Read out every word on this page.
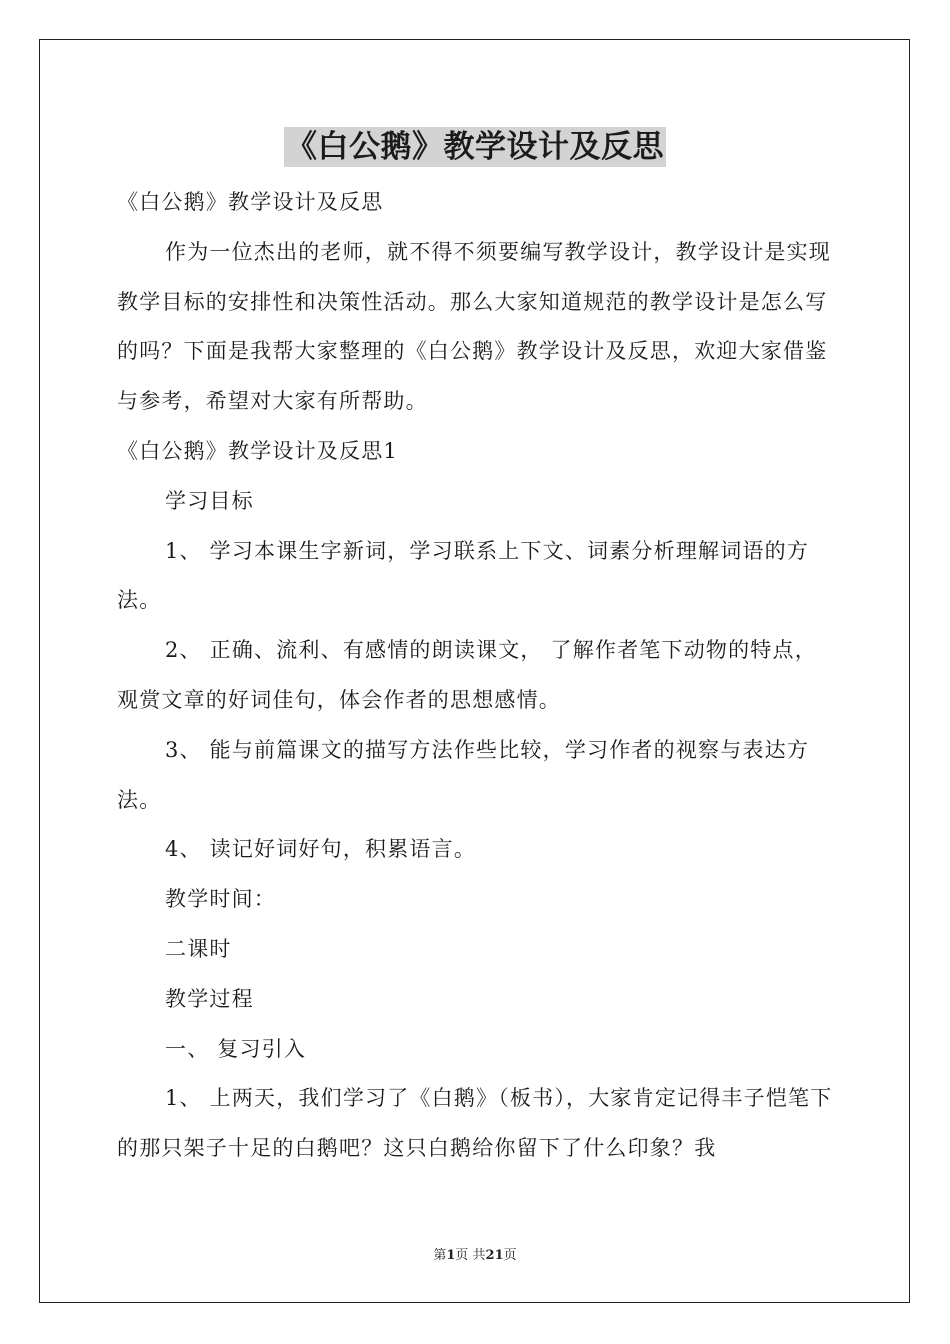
《白公鹅》教学设计及反思

《白公鹅》教学设计及反思

作为一位杰出的老师，就不得不须要编写教学设计，教学设计是实现教学目标的安排性和决策性活动。那么大家知道规范的教学设计是怎么写的吗？下面是我帮大家整理的《白公鹅》教学设计及反思，欢迎大家借鉴与参考，希望对大家有所帮助。

《白公鹅》教学设计及反思1

学习目标

1、 学习本课生字新词，学习联系上下文、词素分析理解词语的方法。

2、 正确、流利、有感情的朗读课文， 了解作者笔下动物的特点，观赏文章的好词佳句，体会作者的思想感情。

3、 能与前篇课文的描写方法作些比较，学习作者的视察与表达方法。

4、 读记好词好句，积累语言。

教学时间：

二课时

教学过程

一、 复习引入

1、 上两天，我们学习了《白鹅》（板书），大家肯定记得丰子恺笔下的那只架子十足的白鹅吧？这只白鹅给你留下了什么印象？我

第1页 共21页
